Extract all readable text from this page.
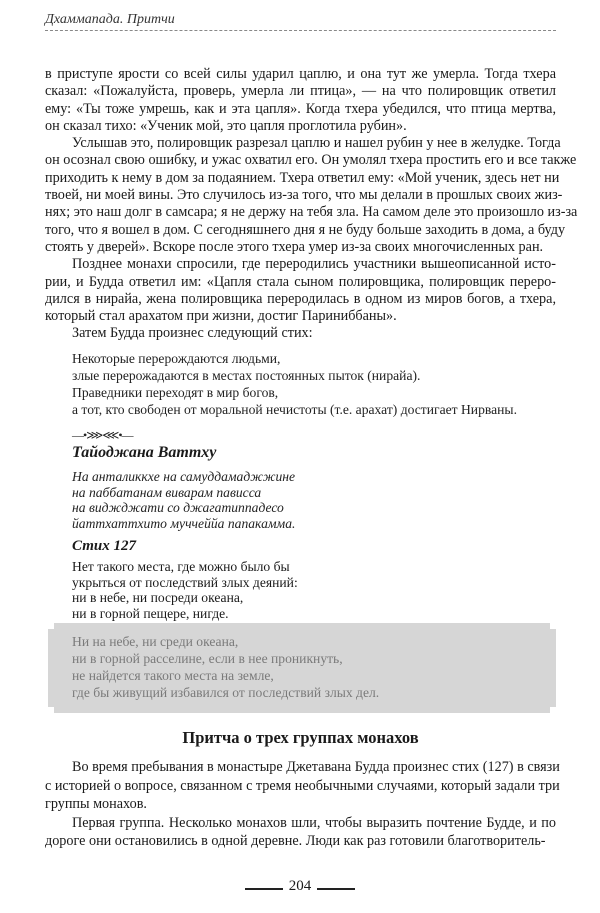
Дхаммапада. Притчи
в приступе ярости со всей силы ударил цаплю, и она тут же умерла. Тогда тхера
сказал: «Пожалуйста, проверь, умерла ли птица», — на что полировщик ответил
ему: «Ты тоже умрешь, как и эта цапля». Когда тхера убедился, что птица мертва,
он сказал тихо: «Ученик мой, это цапля проглотила рубин».
Услышав это, полировщик разрезал цаплю и нашел рубин у нее в желудке. Тогда
он осознал свою ошибку, и ужас охватил его. Он умолял тхера простить его и все также
приходить к нему в дом за подаянием. Тхера ответил ему: «Мой ученик, здесь нет ни
твоей, ни моей вины. Это случилось из-за того, что мы делали в прошлых своих жиз-
нях; это наш долг в самсара; я не держу на тебя зла. На самом деле это произошло из-за
того, что я вошел в дом. С сегодняшнего дня я не буду больше заходить в дома, а буду
стоять у дверей». Вскоре после этого тхера умер из-за своих многочисленных ран.
Позднее монахи спросили, где переродились участники вышеописанной исто-
рии, и Будда ответил им: «Цапля стала сыном полировщика, полировщик переро-
дился в нирайа, жена полировщика переродилась в одном из миров богов, а тхера,
который стал арахатом при жизни, достиг Париниббаны».
Затем Будда произнес следующий стих:
Некоторые перерождаются людьми,
злые перерожадаются в местах постоянных пыток (нирайа).
Праведники переходят в мир богов,
а тот, кто свободен от моральной нечистоты (т.е. арахат) достигает Нирваны.
—•⋙⋘•—
Тайоджана Ваттху
На анталиккхе на самуддамаджжине
на паббатанам виварам пависса
на виджджати со джагатиппадесо
йаттхаттхито муччеййа папакамма.
Стих 127
Нет такого места, где можно было бы
укрыться от последствий злых деяний:
ни в небе, ни посреди океана,
ни в горной пещере, нигде.
Ни на небе, ни среди океана,
ни в горной расселине, если в нее проникнуть,
не найдется такого места на земле,
где бы живущий избавился от последствий злых дел.
Притча о трех группах монахов
Во время пребывания в монастыре Джетавана Будда произнес стих (127) в связи
с историей о вопросе, связанном с тремя необычными случаями, который задали три
группы монахов.
Первая группа. Несколько монахов шли, чтобы выразить почтение Будде, и по
дороге они остановились в одной деревне. Люди как раз готовили благотворитель-
204
